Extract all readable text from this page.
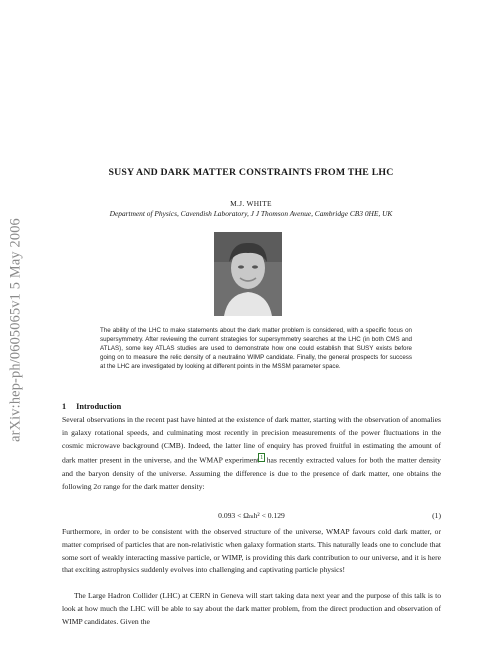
arXiv:hep-ph/0605065v1 5 May 2006
SUSY AND DARK MATTER CONSTRAINTS FROM THE LHC
M.J. WHITE
Department of Physics, Cavendish Laboratory, J J Thomson Avenue, Cambridge CB3 0HE, UK
The ability of the LHC to make statements about the dark matter problem is considered, with a specific focus on supersymmetry. After reviewing the current strategies for supersymmetry searches at the LHC (in both CMS and ATLAS), some key ATLAS studies are used to demonstrate how one could establish that SUSY exists before going on to measure the relic density of a neutralino WIMP candidate. Finally, the general prospects for success at the LHC are investigated by looking at different points in the MSSM parameter space.
1 Introduction
Several observations in the recent past have hinted at the existence of dark matter, starting with the observation of anomalies in galaxy rotational speeds, and culminating most recently in precision measurements of the power fluctuations in the cosmic microwave background (CMB). Indeed, the latter line of enquiry has proved fruitful in estimating the amount of dark matter present in the universe, and the WMAP experiment$^1$ has recently extracted values for both the matter density and the baryon density of the universe. Assuming the difference is due to the presence of dark matter, one obtains the following 2σ range for the dark matter density:
0.093 < Ωₘh² < 0.129	(1)
Furthermore, in order to be consistent with the observed structure of the universe, WMAP favours cold dark matter, or matter comprised of particles that are non-relativistic when galaxy formation starts. This naturally leads one to conclude that some sort of weakly interacting massive particle, or WIMP, is providing this dark contribution to our universe, and it is here that exciting astrophysics suddenly evolves into challenging and captivating particle physics!
The Large Hadron Collider (LHC) at CERN in Geneva will start taking data next year and the purpose of this talk is to look at how much the LHC will be able to say about the dark matter problem, from the direct production and observation of WIMP candidates. Given the
